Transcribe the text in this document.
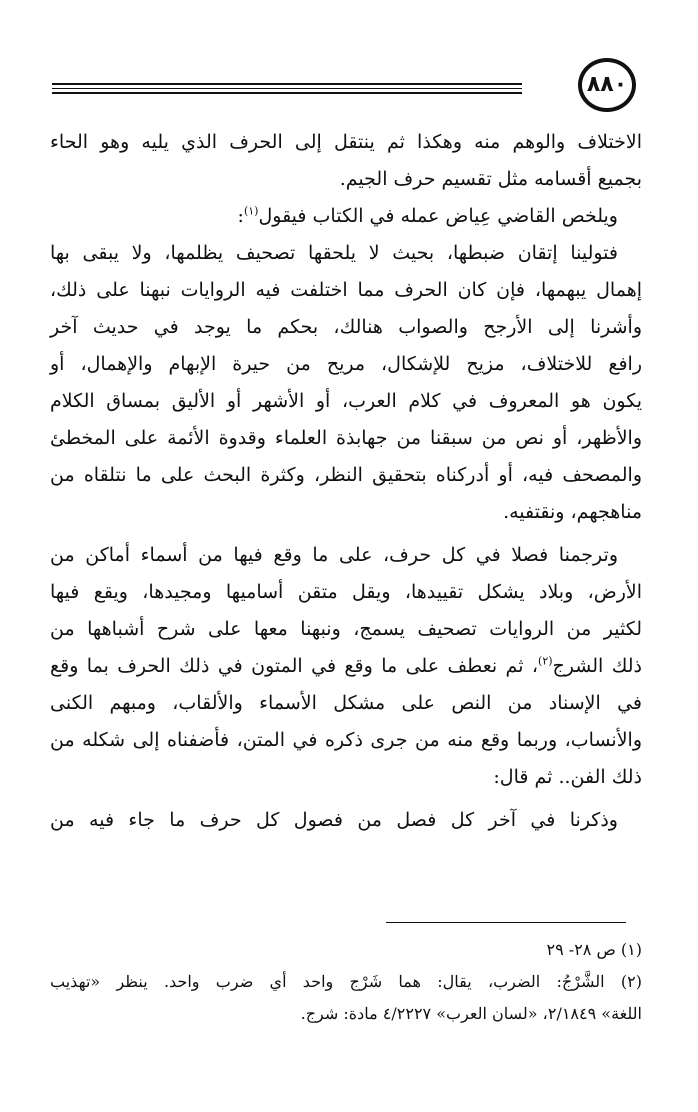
٨٨٠

الاختلاف والوهم منه وهكذا ثم ينتقل إلى الحرف الذي يليه وهو الحاء
بجميع أقسامه مثل تقسيم حرف الجيم.

ويلخص القاضي عِياض عمله في الكتاب فيقول$^{(١)}$:

فتولينا إتقان ضبطها، بحيث لا يلحقها تصحيف يظلمها، ولا يبقى بها

إهمال يبهمها، فإن كان الحرف مما اختلفت فيه الروايات نبهنا على ذلك،
وأشرنا إلى الأرجح والصواب هنالك، بحكم ما يوجد في حديث آخر
رافع للاختلاف، مزيح للإشكال، مريح من حيرة الإبهام والإهمال، أو
يكون هو المعروف في كلام العرب، أو الأشهر أو الأليق بمساق الكلام
والأظهر، أو نص من سبقنا من جهابذة العلماء وقدوة الأئمة على المخطئ
والمصحف فيه، أو أدركناه بتحقيق النظر، وكثرة البحث على ما نتلقاه من
مناهجهم، ونقتفيه.

وترجمنا فصلا في كل حرف، على ما وقع فيها من أسماء أماكن من

الأرض، وبلاد يشكل تقييدها، ويقل متقن أساميها ومجيدها، ويقع فيها
لكثير من الروايات تصحيف يسمج، ونبهنا معها على شرح أشباهها من
ذلك الشرج$^{(٢)}$، ثم نعطف على ما وقع في المتون في ذلك الحرف بما وقع
في الإسناد من النص على مشكل الأسماء والألقاب، ومبهم الكنى
والأنساب، وربما وقع منه من جرى ذكره في المتن، فأضفناه إلى شكله من
ذلك الفن.. ثم قال:

وذكرنا في آخر كل فصل من فصول كل حرف ما جاء فيه من

(١) ص ٢٨- ٢٩

(٢) الشَّرْجُ: الضرب، يقال: هما شَرْج واحد أي ضرب واحد. ينظر «تهذيب
اللغة» ٢/١٨٤٩، «لسان العرب» ٤/٢٢٢٧ مادة: شرج.
